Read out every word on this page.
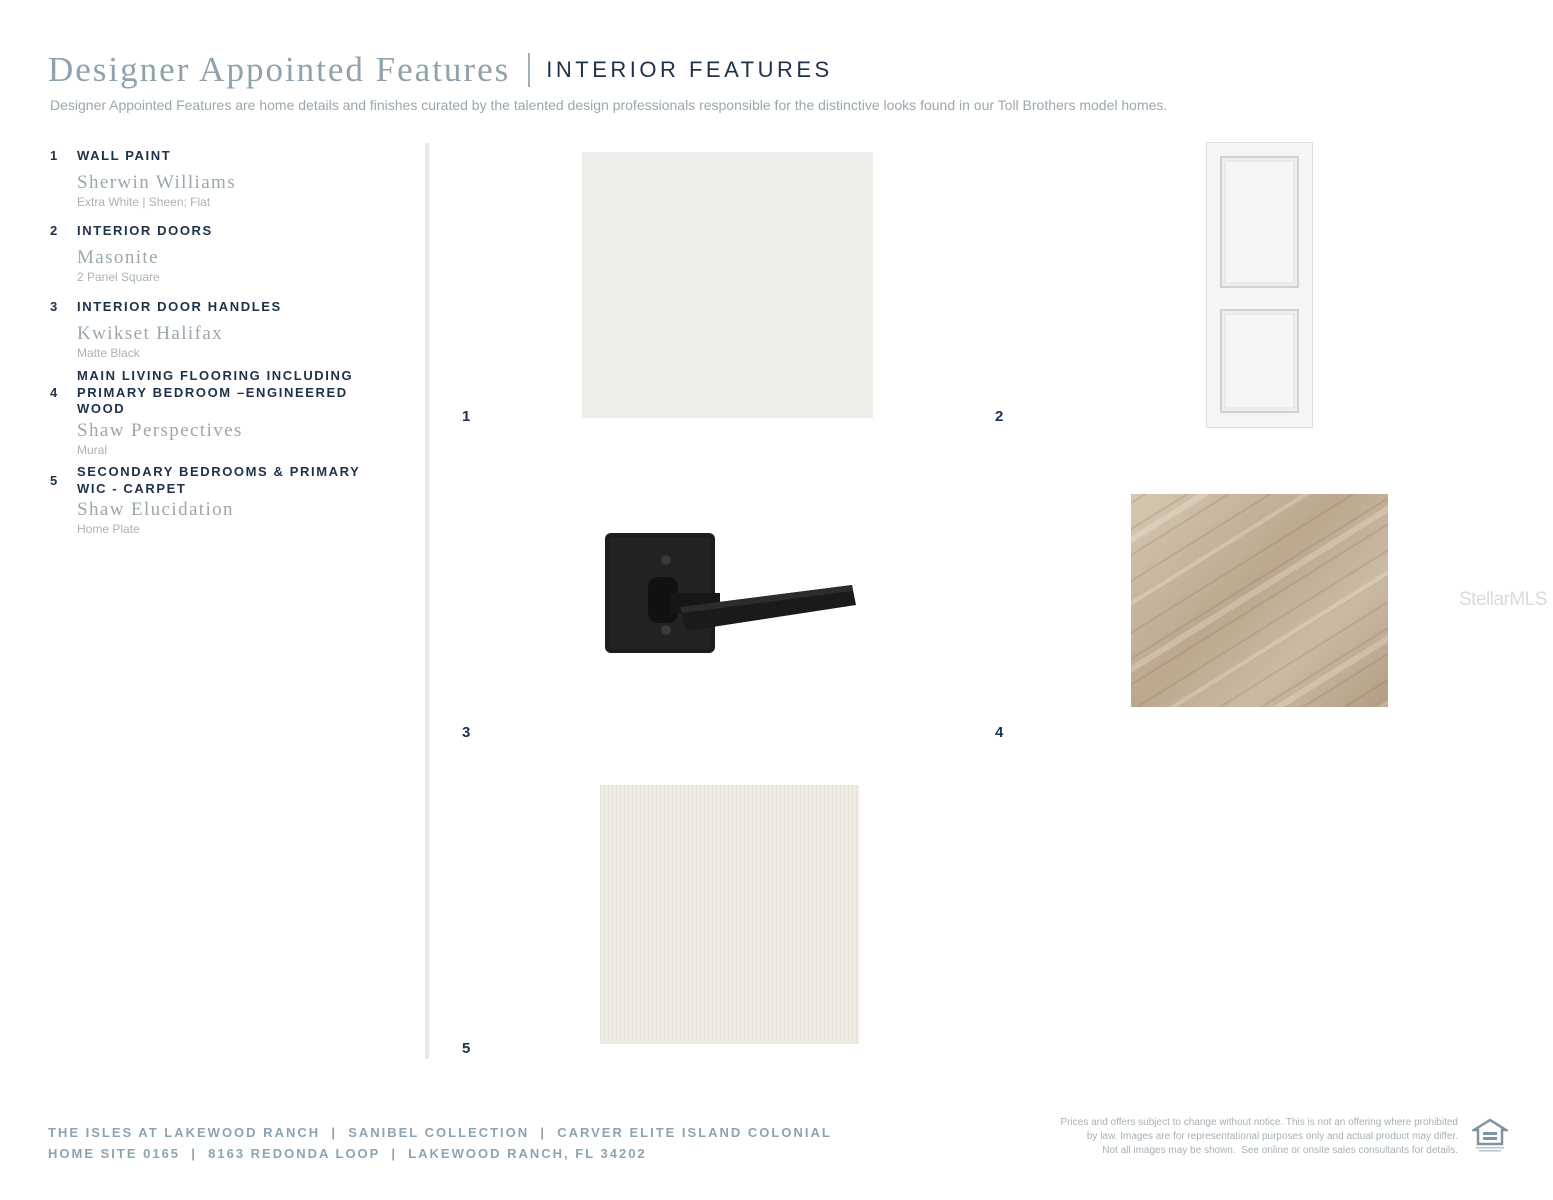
Designer Appointed Features INTERIOR FEATURES
Designer Appointed Features are home details and finishes curated by the talented design professionals responsible for the distinctive looks found in our Toll Brothers model homes.
1 WALL PAINT
Sherwin Williams
Extra White | Sheen; Flat
2 INTERIOR DOORS
Masonite
2 Panel Square
3 INTERIOR DOOR HANDLES
Kwikset Halifax
Matte Black
4
MAIN LIVING FLOORING INCLUDING PRIMARY BEDROOM –ENGINEERED WOOD
Shaw Perspectives
Mural
5
SECONDARY BEDROOMS & PRIMARY WIC - CARPET
Shaw Elucidation
Home Plate
1	2
3	4
5
StellarMLS
THE ISLES AT LAKEWOOD RANCH  |  SANIBEL COLLECTION  |  CARVER ELITE ISLAND COLONIAL
HOME SITE 0165  |  8163 REDONDA LOOP  |  LAKEWOOD RANCH, FL 34202
Prices and offers subject to change without notice. This is not an offering where prohibited
by law. Images are for representational purposes only and actual product may differ.
Not all images may be shown.  See online or onsite sales consultants for details.
